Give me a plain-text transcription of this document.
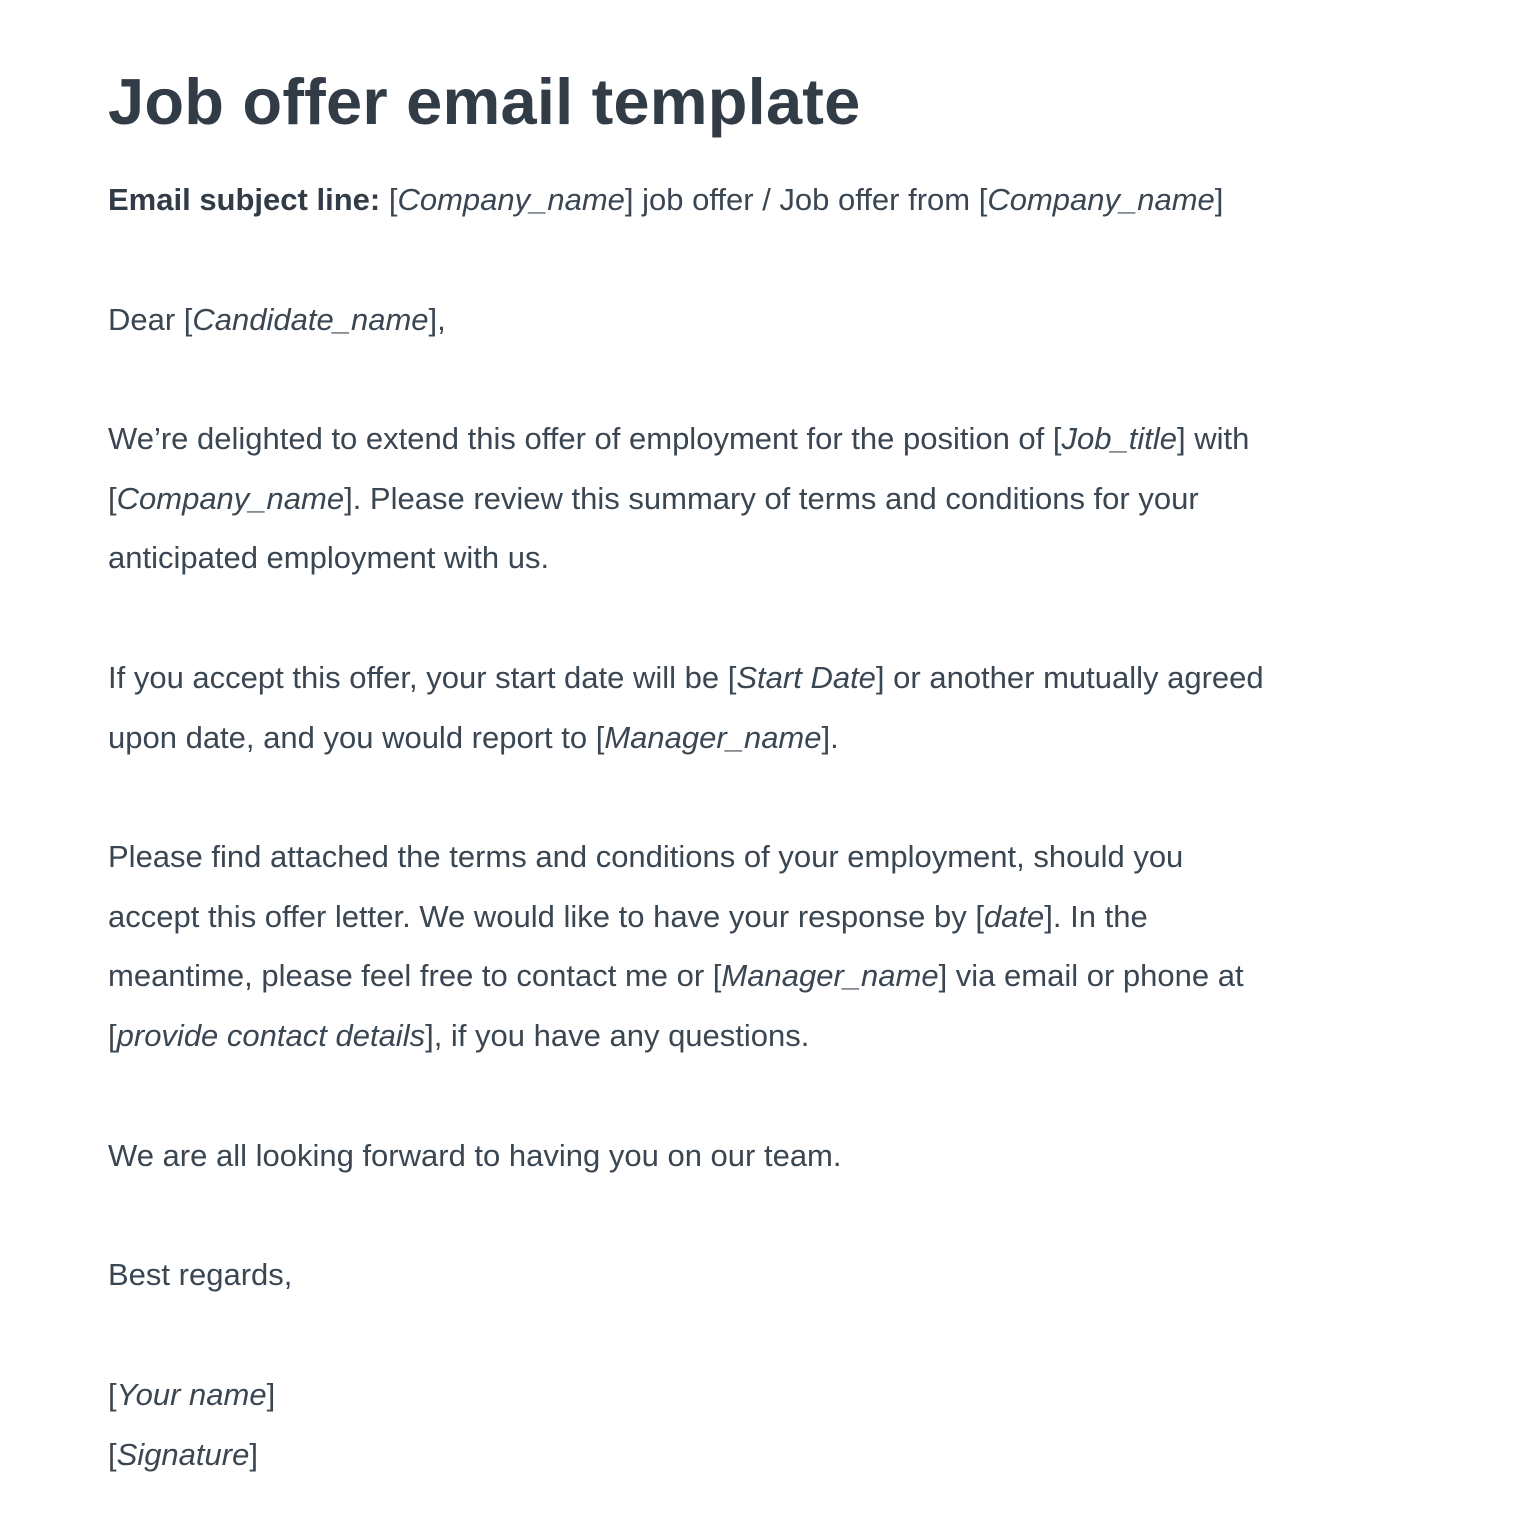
Job offer email template

Email subject line: [Company_name] job offer / Job offer from [Company_name]

Dear [Candidate_name],

We’re delighted to extend this offer of employment for the position of [Job_title] with
[Company_name]. Please review this summary of terms and conditions for your
anticipated employment with us.

If you accept this offer, your start date will be [Start Date] or another mutually agreed
upon date, and you would report to [Manager_name].

Please find attached the terms and conditions of your employment, should you
accept this offer letter. We would like to have your response by [date]. In the
meantime, please feel free to contact me or [Manager_name] via email or phone at
[provide contact details], if you have any questions.

We are all looking forward to having you on our team.

Best regards,

[Your name]
[Signature]
